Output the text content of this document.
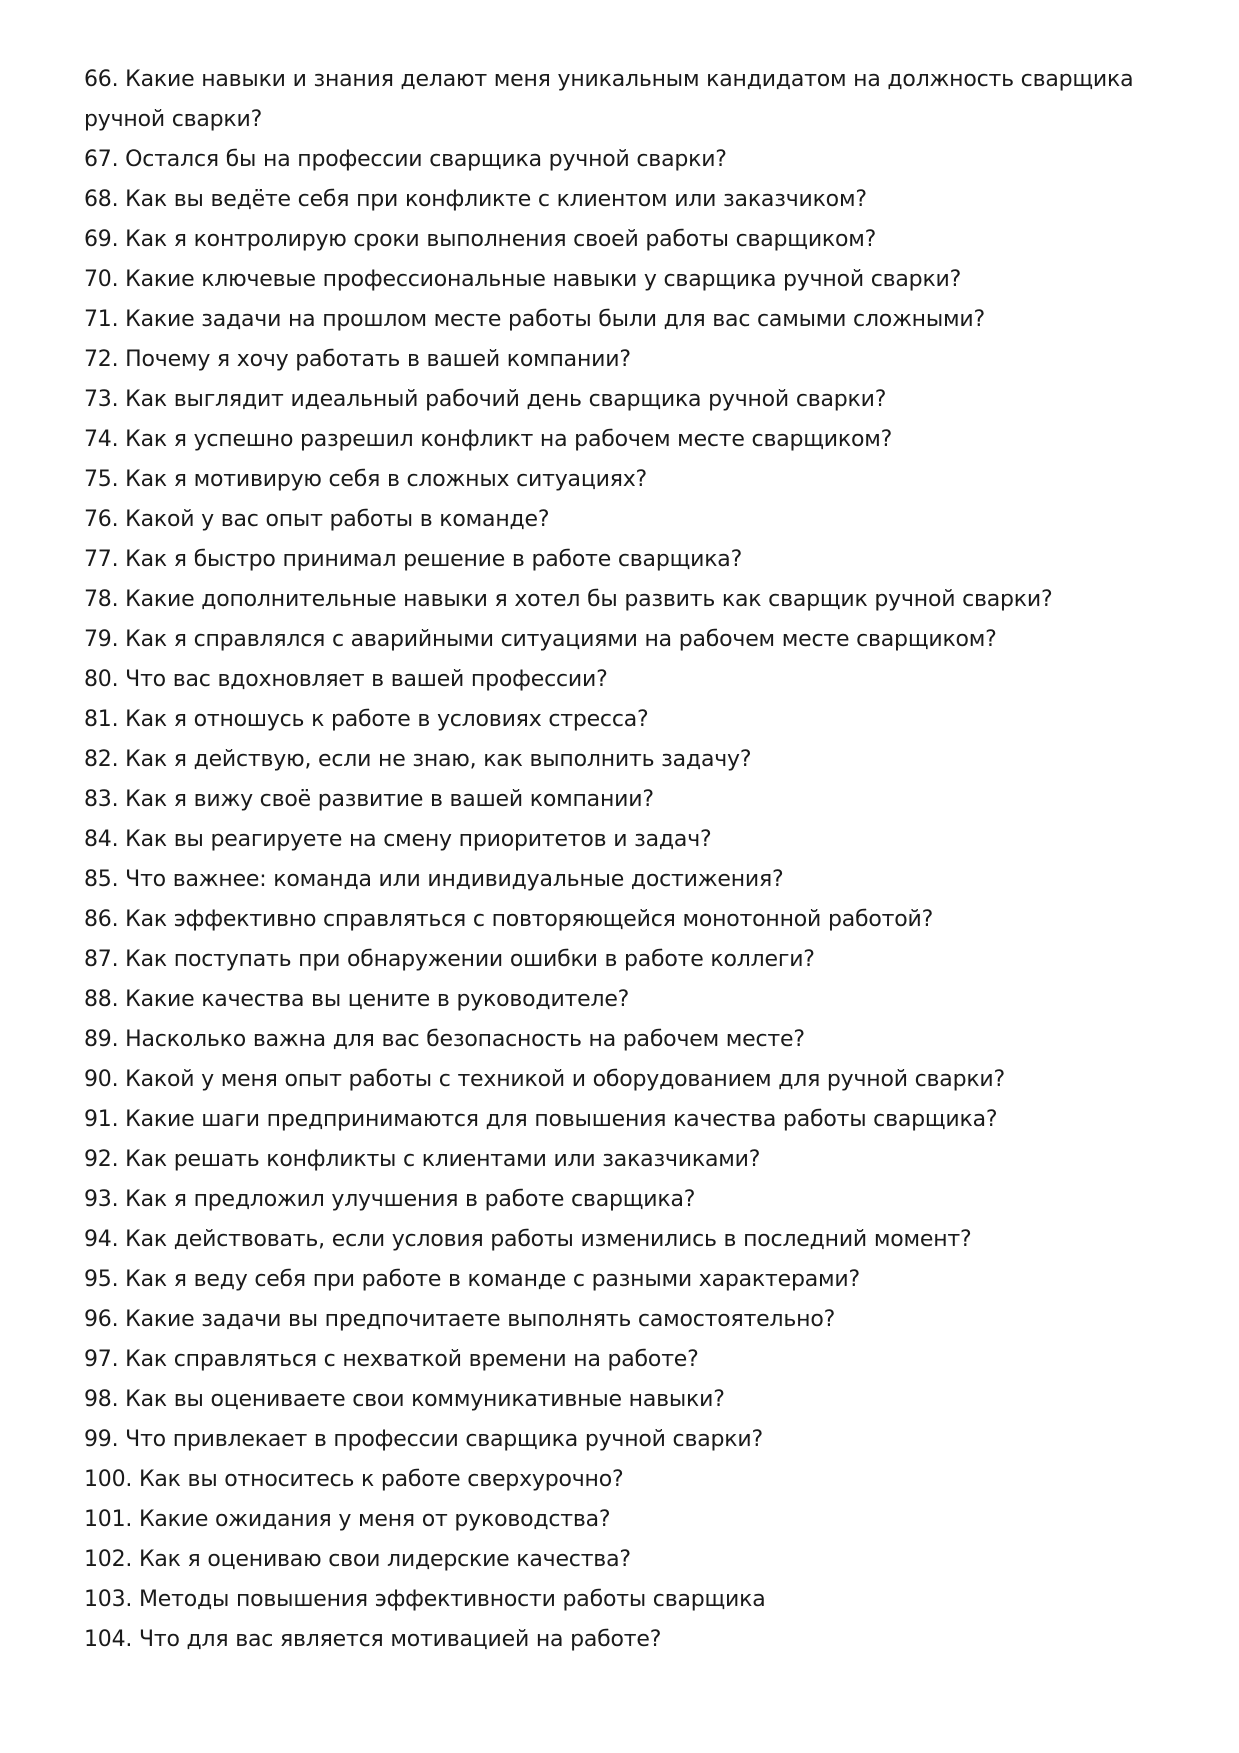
66. Какие навыки и знания делают меня уникальным кандидатом на должность сварщика ручной сварки?
67. Остался бы на профессии сварщика ручной сварки?
68. Как вы ведёте себя при конфликте с клиентом или заказчиком?
69. Как я контролирую сроки выполнения своей работы сварщиком?
70. Какие ключевые профессиональные навыки у сварщика ручной сварки?
71. Какие задачи на прошлом месте работы были для вас самыми сложными?
72. Почему я хочу работать в вашей компании?
73. Как выглядит идеальный рабочий день сварщика ручной сварки?
74. Как я успешно разрешил конфликт на рабочем месте сварщиком?
75. Как я мотивирую себя в сложных ситуациях?
76. Какой у вас опыт работы в команде?
77. Как я быстро принимал решение в работе сварщика?
78. Какие дополнительные навыки я хотел бы развить как сварщик ручной сварки?
79. Как я справлялся с аварийными ситуациями на рабочем месте сварщиком?
80. Что вас вдохновляет в вашей профессии?
81. Как я отношусь к работе в условиях стресса?
82. Как я действую, если не знаю, как выполнить задачу?
83. Как я вижу своё развитие в вашей компании?
84. Как вы реагируете на смену приоритетов и задач?
85. Что важнее: команда или индивидуальные достижения?
86. Как эффективно справляться с повторяющейся монотонной работой?
87. Как поступать при обнаружении ошибки в работе коллеги?
88. Какие качества вы цените в руководителе?
89. Насколько важна для вас безопасность на рабочем месте?
90. Какой у меня опыт работы с техникой и оборудованием для ручной сварки?
91. Какие шаги предпринимаются для повышения качества работы сварщика?
92. Как решать конфликты с клиентами или заказчиками?
93. Как я предложил улучшения в работе сварщика?
94. Как действовать, если условия работы изменились в последний момент?
95. Как я веду себя при работе в команде с разными характерами?
96. Какие задачи вы предпочитаете выполнять самостоятельно?
97. Как справляться с нехваткой времени на работе?
98. Как вы оцениваете свои коммуникативные навыки?
99. Что привлекает в профессии сварщика ручной сварки?
100. Как вы относитесь к работе сверхурочно?
101. Какие ожидания у меня от руководства?
102. Как я оцениваю свои лидерские качества?
103. Методы повышения эффективности работы сварщика
104. Что для вас является мотивацией на работе?
